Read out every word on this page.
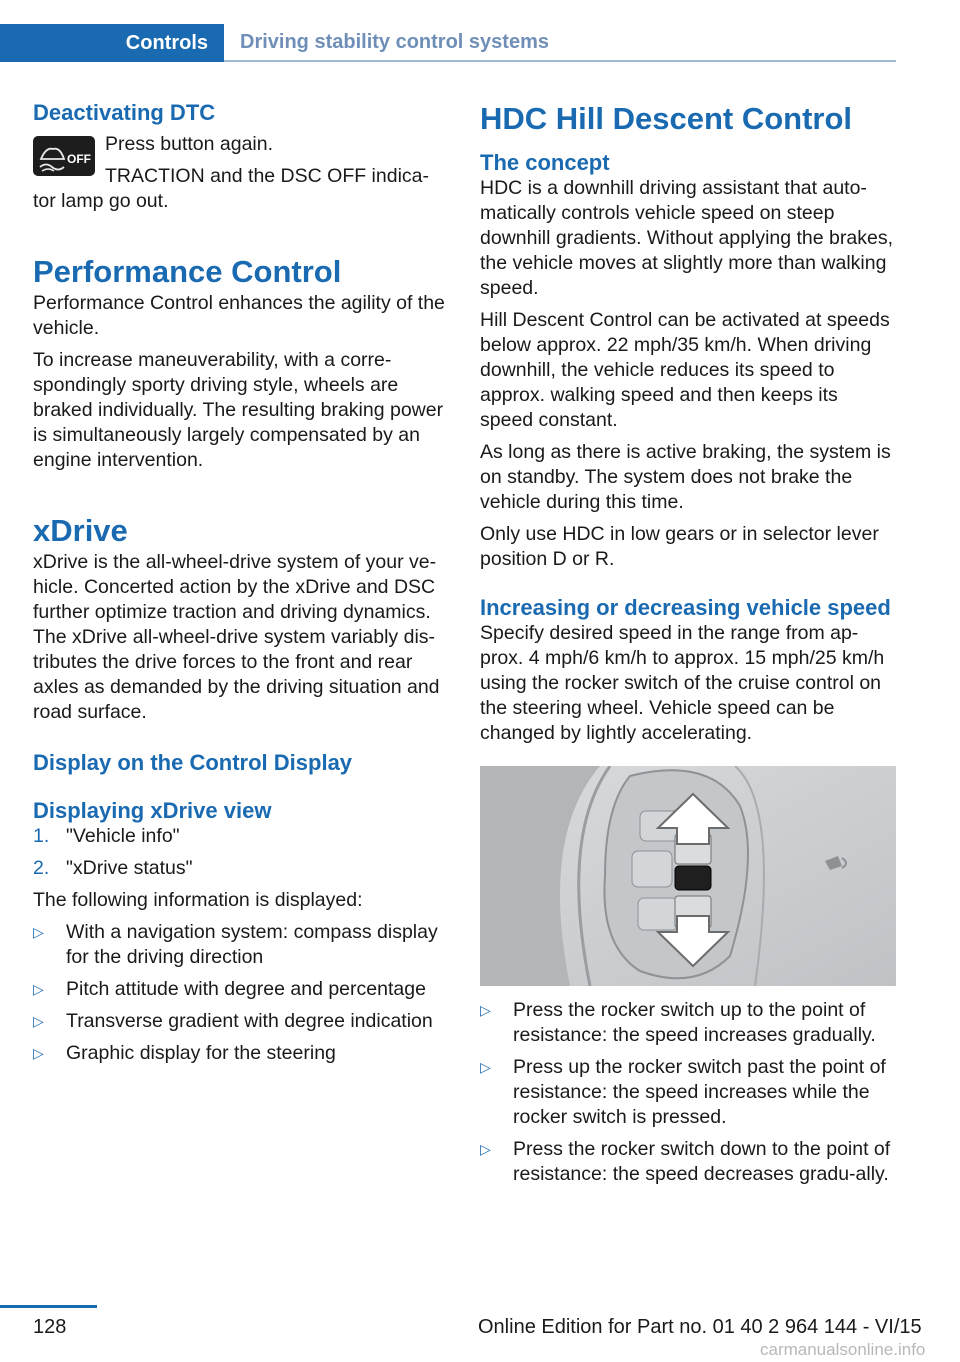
Controls	Driving stability control systems
Deactivating DTC
OFF

Press button again.

TRACTION and the DSC OFF indica-tor lamp go out.

Performance Control

Performance Control enhances the agility of the vehicle.

To increase maneuverability, with a corre-spondingly sporty driving style, wheels are braked individually. The resulting braking power is simultaneously largely compensated by an engine intervention.

xDrive

xDrive is the all-wheel-drive system of your ve-hicle. Concerted action by the xDrive and DSC further optimize traction and driving dynamics. The xDrive all-wheel-drive system variably dis-tributes the drive forces to the front and rear axles as demanded by the driving situation and road surface.

Display on the Control Display
Displaying xDrive view
1. "Vehicle info"
2. "xDrive status"

The following information is displayed:

▷	With a navigation system: compass display for the driving direction
▷	Pitch attitude with degree and percentage
▷	Transverse gradient with degree indication
▷	Graphic display for the steering
HDC Hill Descent Control
The concept

HDC is a downhill driving assistant that auto-matically controls vehicle speed on steep downhill gradients. Without applying the brakes, the vehicle moves at slightly more than walking speed.

Hill Descent Control can be activated at speeds below approx. 22 mph/35 km/h. When driving downhill, the vehicle reduces its speed to approx. walking speed and then keeps its speed constant.

As long as there is active braking, the system is on standby. The system does not brake the vehicle during this time.

Only use HDC in low gears or in selector lever position D or R.

Increasing or decreasing vehicle speed

Specify desired speed in the range from ap-prox. 4 mph/6 km/h to approx. 15 mph/25 km/h using the rocker switch of the cruise control on the steering wheel. Vehicle speed can be changed by lightly accelerating.

▷	Press the rocker switch up to the point of resistance: the speed increases gradually.
▷	Press up the rocker switch past the point of resistance: the speed increases while the rocker switch is pressed.
▷	Press the rocker switch down to the point of resistance: the speed decreases gradu-ally.
128	Online Edition for Part no. 01 40 2 964 144 - VI/15
carmanualsonline.info
